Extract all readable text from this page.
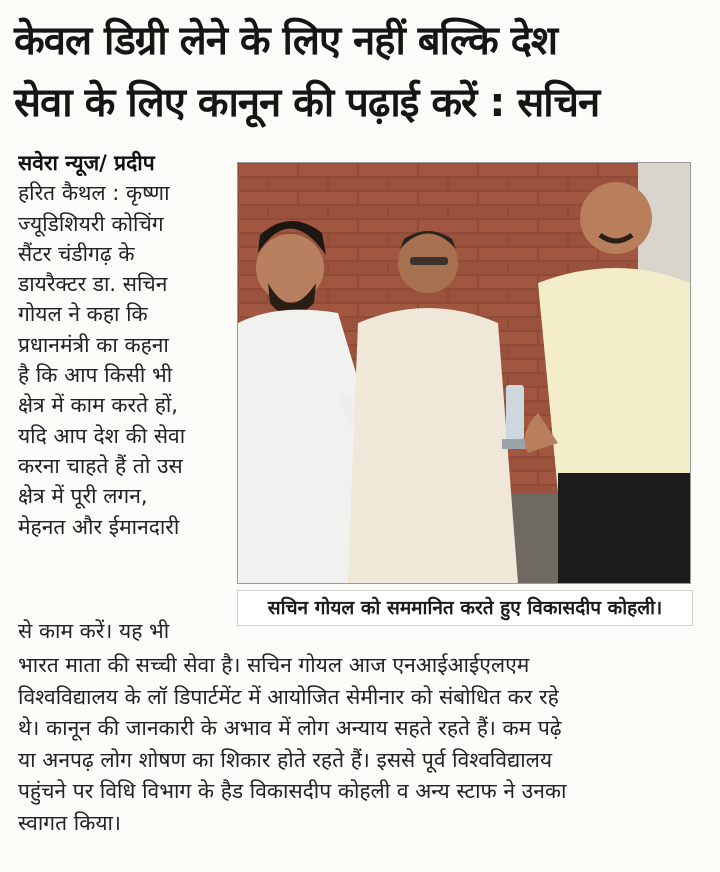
केवल डिग्री लेने के लिए नहीं बल्कि देश
सेवा के लिए कानून की पढ़ाई करें : सचिन
सवेरा न्यूज/ प्रदीप
हरित कैथल : कृष्णा
ज्यूडिशियरी कोचिंग
सैंटर चंडीगढ़ के
डायरैक्टर डा. सचिन
गोयल ने कहा कि
प्रधानमंत्री का कहना
है कि आप किसी भी
क्षेत्र में काम करते हों,
यदि आप देश की सेवा
करना चाहते हैं तो उस
क्षेत्र में पूरी लगन,
मेहनत और ईमानदारी
से काम करें। यह भी
सचिन गोयल को सममानित करते हुए विकासदीप कोहली।
भारत माता की सच्ची सेवा है। सचिन गोयल आज एनआईआईएलएम
विश्वविद्यालय के लॉ डिपार्टमेंट में आयोजित सेमीनार को संबोधित कर रहे
थे। कानून की जानकारी के अभाव में लोग अन्याय सहते रहते हैं। कम पढ़े
या अनपढ़ लोग शोषण का शिकार होते रहते हैं। इससे पूर्व विश्वविद्यालय
पहुंचने पर विधि विभाग के हैड विकासदीप कोहली व अन्य स्टाफ ने उनका
स्वागत किया।
